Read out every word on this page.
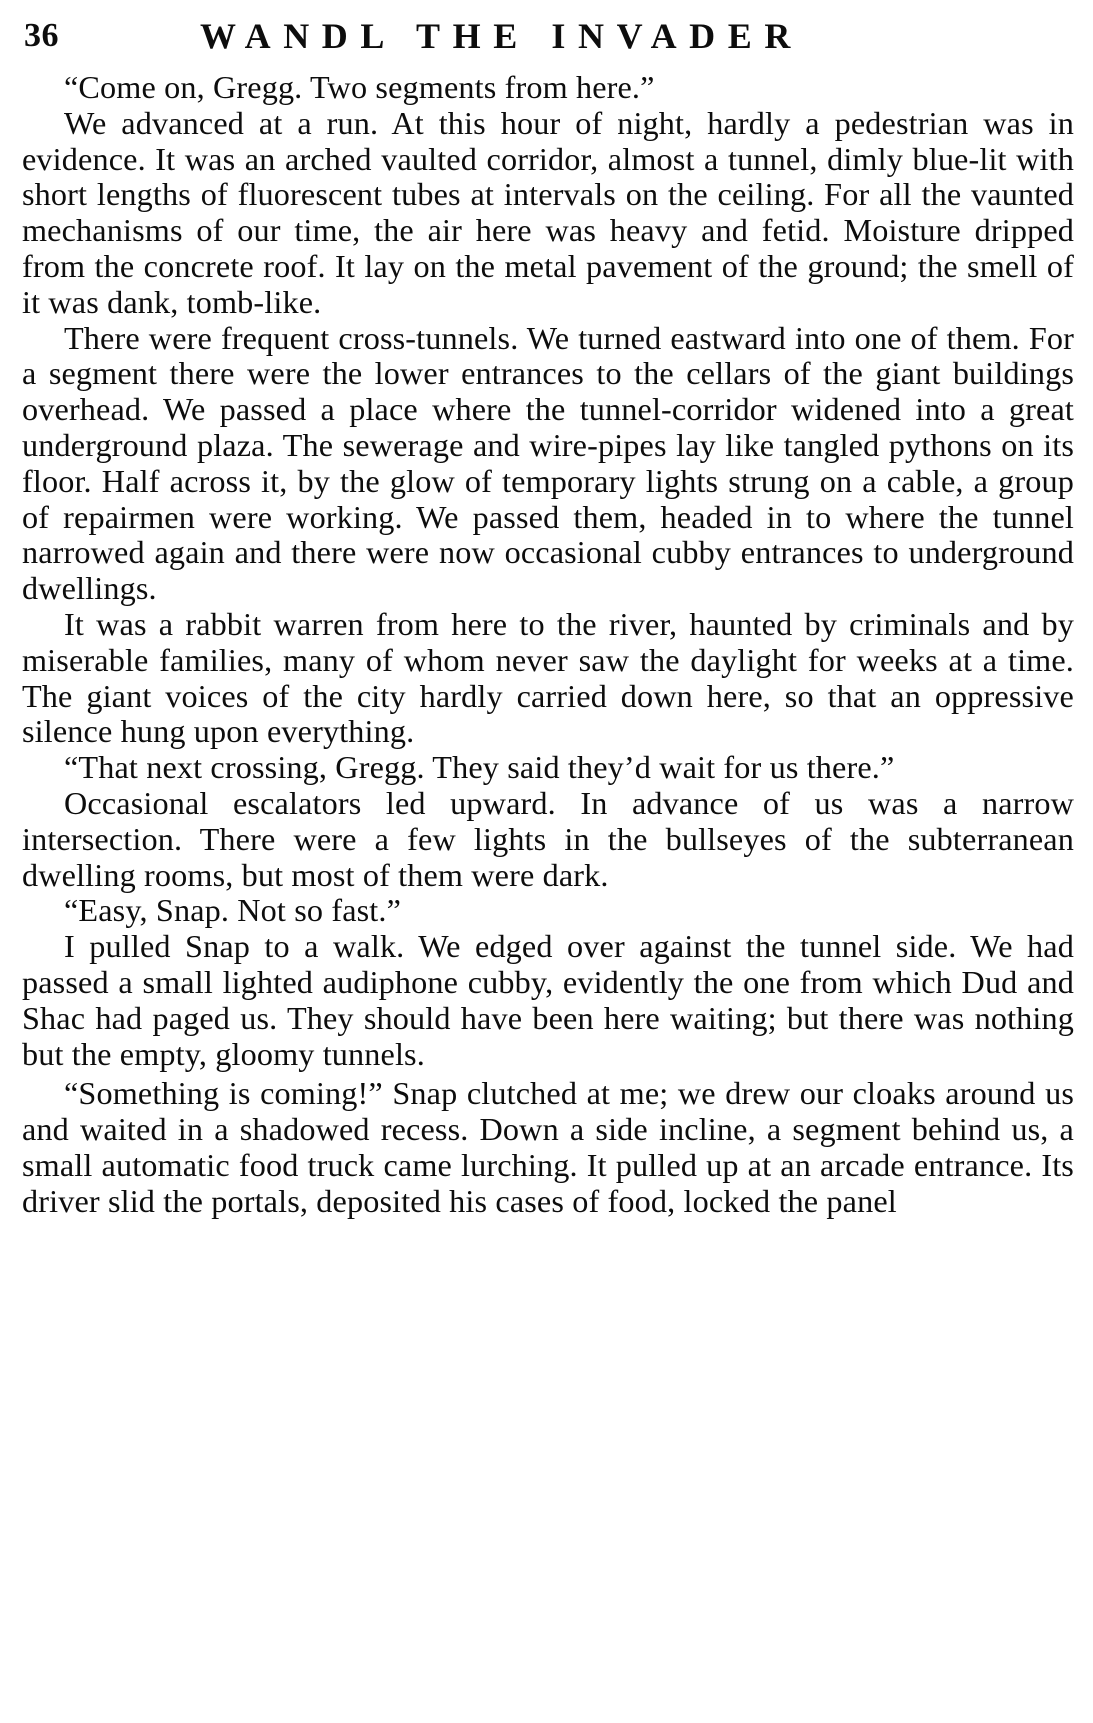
36	WANDL THE INVADER

“Come on, Gregg. Two segments from here.”

We advanced at a run. At this hour of night, hardly a pedestrian was in evidence. It was an arched vaulted corridor, almost a tunnel, dimly blue-lit with short lengths of fluorescent tubes at intervals on the ceiling. For all the vaunted mechanisms of our time, the air here was heavy and fetid. Moisture dripped from the concrete roof. It lay on the metal pavement of the ground; the smell of it was dank, tomb-like.

There were frequent cross-tunnels. We turned eastward into one of them. For a segment there were the lower entrances to the cellars of the giant buildings overhead. We passed a place where the tunnel-corridor widened into a great underground plaza. The sewerage and wire-pipes lay like tangled pythons on its floor. Half across it, by the glow of temporary lights strung on a cable, a group of repairmen were working. We passed them, headed in to where the tunnel narrowed again and there were now occasional cubby entrances to underground dwellings.

It was a rabbit warren from here to the river, haunted by criminals and by miserable families, many of whom never saw the daylight for weeks at a time. The giant voices of the city hardly carried down here, so that an oppressive silence hung upon everything.

“That next crossing, Gregg. They said they’d wait for us there.”

Occasional escalators led upward. In advance of us was a narrow intersection. There were a few lights in the bullseyes of the subterranean dwelling rooms, but most of them were dark.

“Easy, Snap. Not so fast.”

I pulled Snap to a walk. We edged over against the tunnel side. We had passed a small lighted audiphone cubby, evidently the one from which Dud and Shac had paged us. They should have been here waiting; but there was nothing but the empty, gloomy tunnels.

“Something is coming!” Snap clutched at me; we drew our cloaks around us and waited in a shadowed recess. Down a side incline, a segment behind us, a small automatic food truck came lurching. It pulled up at an arcade entrance. Its driver slid the portals, deposited his cases of food, locked the panel
